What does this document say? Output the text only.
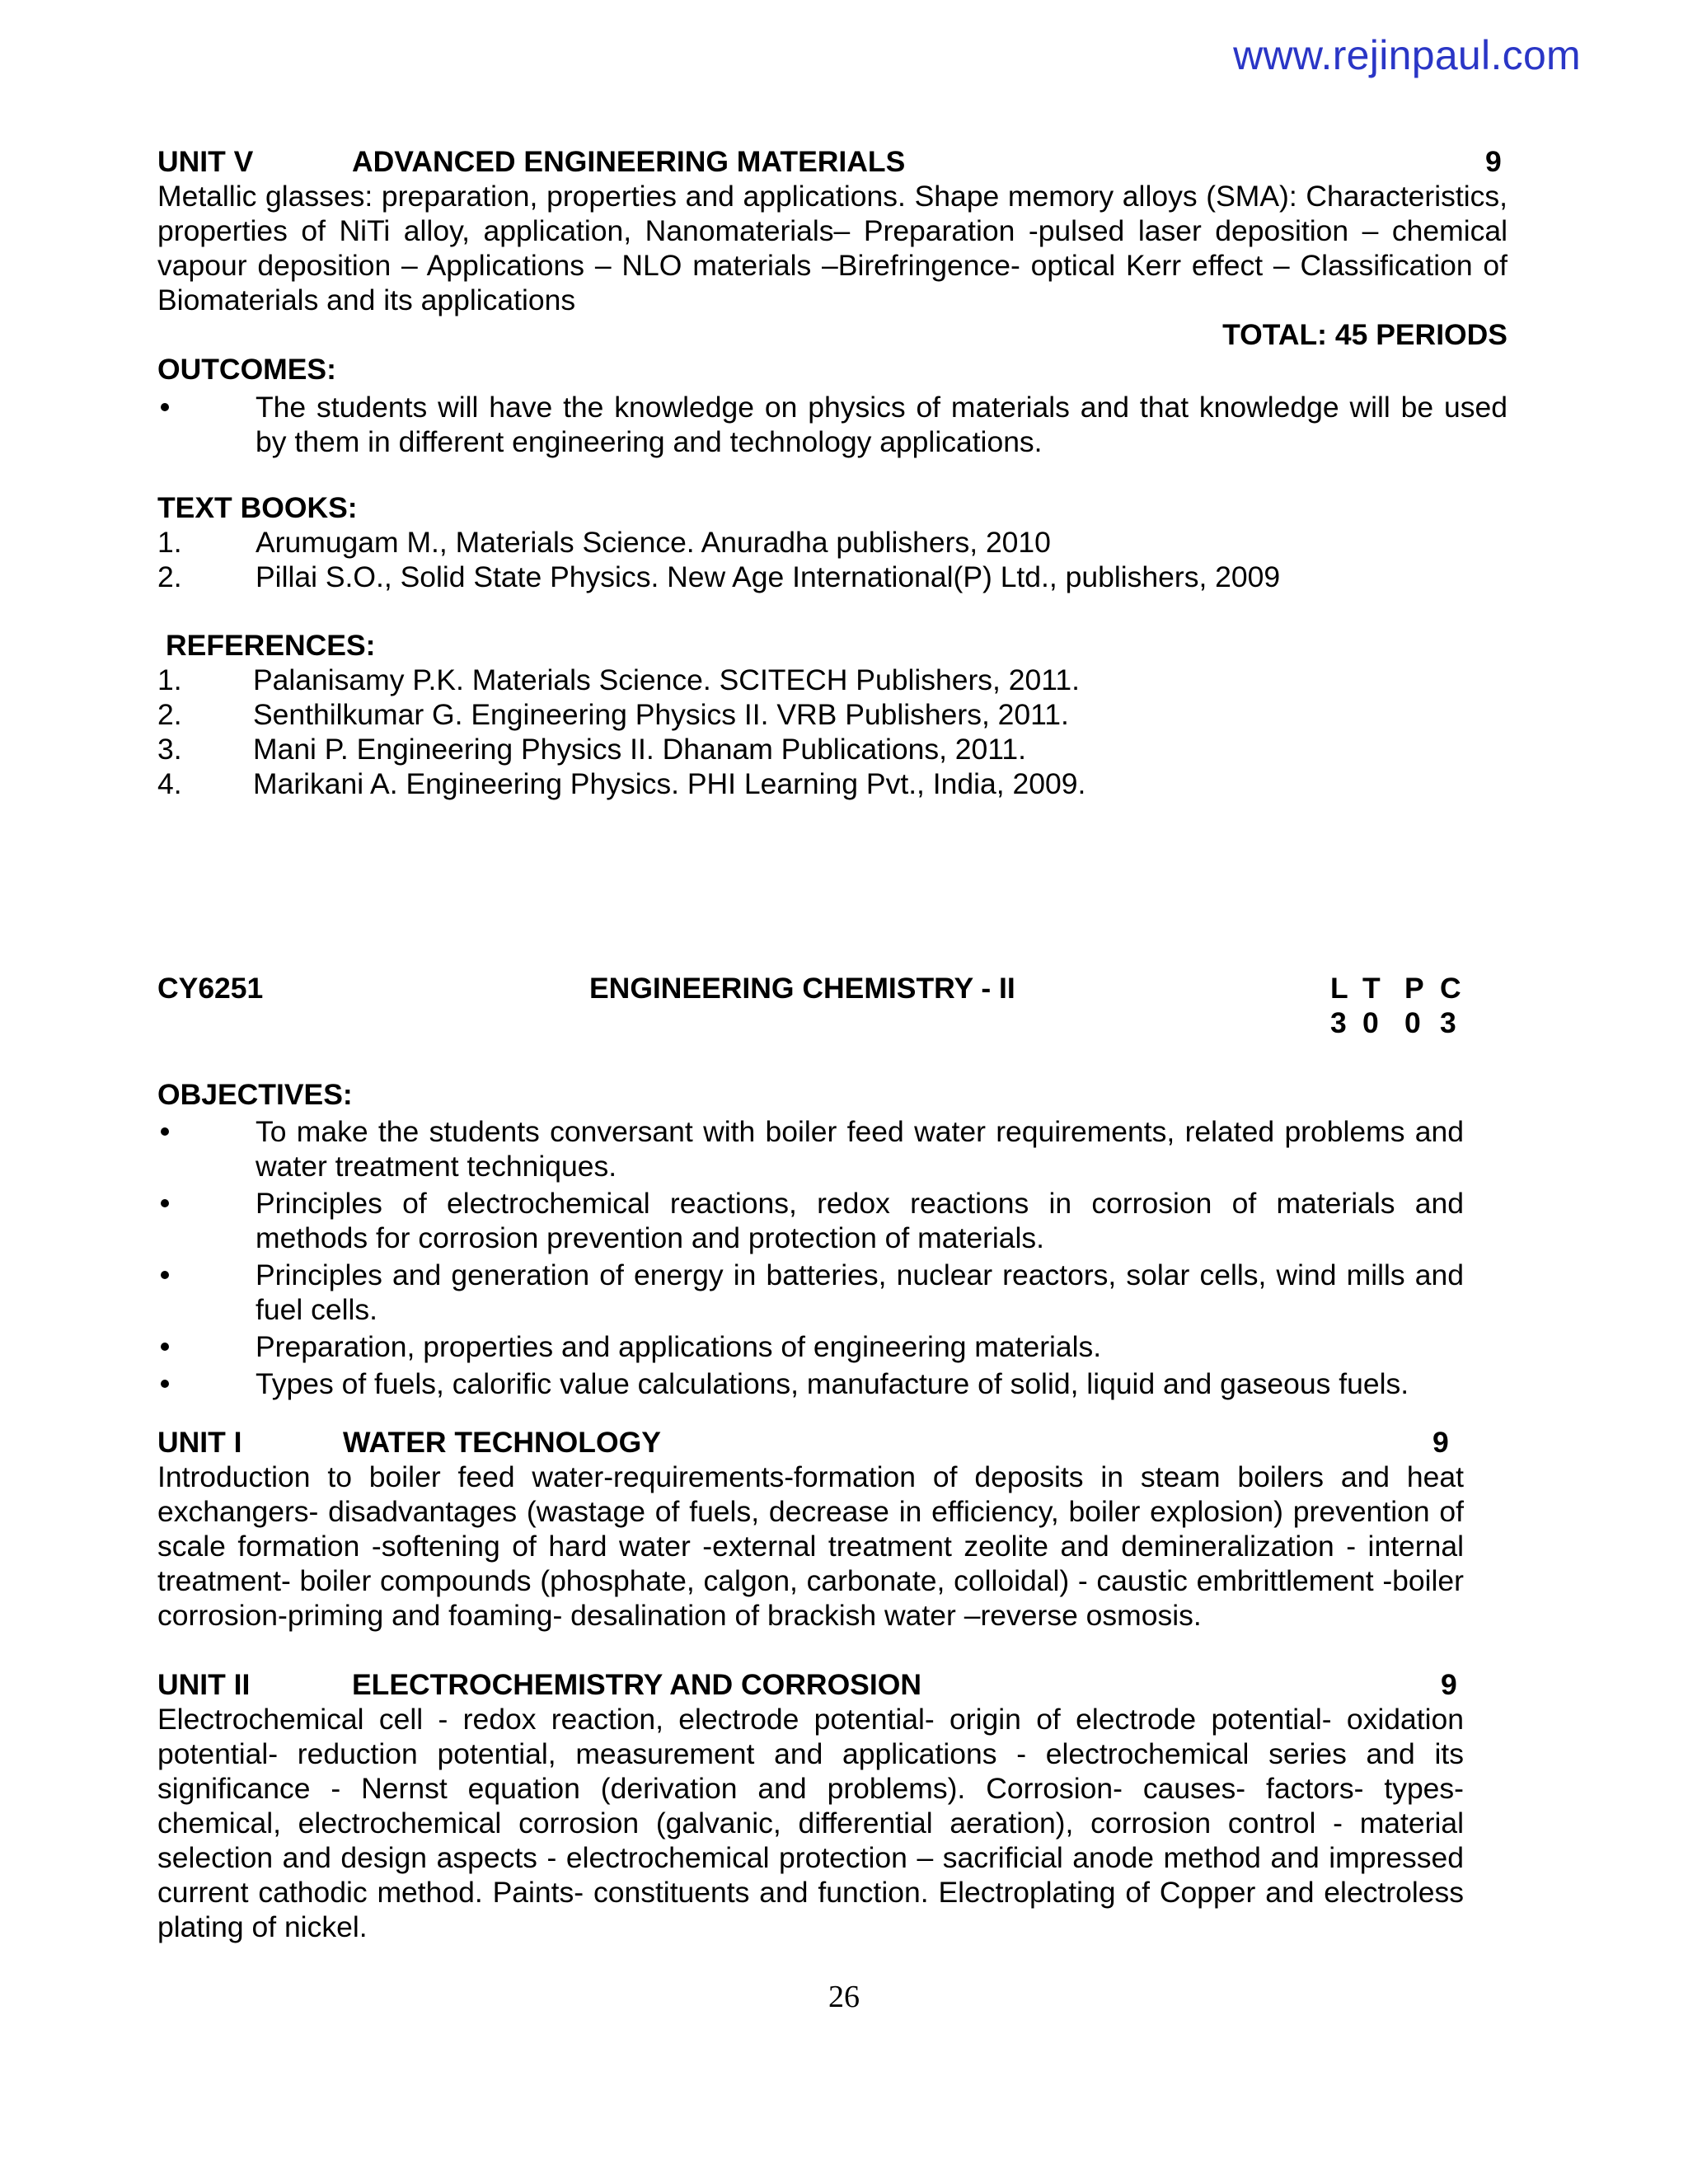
www.rejinpaul.com
UNIT V	ADVANCED ENGINEERING MATERIALS	9
Metallic glasses: preparation, properties and applications. Shape memory alloys (SMA): Characteristics, properties of NiTi alloy, application, Nanomaterials– Preparation -pulsed laser deposition – chemical vapour deposition – Applications – NLO materials –Birefringence- optical Kerr effect – Classification of Biomaterials and its applications
TOTAL: 45 PERIODS
OUTCOMES:
The students will have the knowledge on physics of materials and that knowledge will be used by them in different engineering and technology applications.
TEXT BOOKS:
1.	Arumugam M., Materials Science. Anuradha publishers, 2010
2.	Pillai S.O., Solid State Physics. New Age International(P) Ltd., publishers, 2009
REFERENCES:
1. Palanisamy P.K. Materials Science. SCITECH Publishers, 2011.
2. Senthilkumar G. Engineering Physics II. VRB Publishers, 2011.
3. Mani P. Engineering Physics II. Dhanam Publications, 2011.
4. Marikani A. Engineering Physics. PHI Learning Pvt., India, 2009.
CY6251	ENGINEERING CHEMISTRY - II	L T P C
3 0 0 3
OBJECTIVES:
To make the students conversant with boiler feed water requirements, related problems and water treatment techniques.
Principles of electrochemical reactions, redox reactions in corrosion of materials and methods for corrosion prevention and protection of materials.
Principles and generation of energy in batteries, nuclear reactors, solar cells, wind mills and fuel cells.
Preparation, properties and applications of engineering materials.
Types of fuels, calorific value calculations, manufacture of solid, liquid and gaseous fuels.
UNIT I	WATER TECHNOLOGY	9
Introduction to boiler feed water-requirements-formation of deposits in steam boilers and heat exchangers- disadvantages (wastage of fuels, decrease in efficiency, boiler explosion) prevention of scale formation -softening of hard water -external treatment zeolite and demineralization - internal treatment- boiler compounds (phosphate, calgon, carbonate, colloidal) - caustic embrittlement -boiler corrosion-priming and foaming- desalination of brackish water –reverse osmosis.
UNIT II	ELECTROCHEMISTRY AND CORROSION	9
Electrochemical cell - redox reaction, electrode potential- origin of electrode potential- oxidation potential- reduction potential, measurement and applications - electrochemical series and its significance - Nernst equation (derivation and problems). Corrosion- causes- factors- types- chemical, electrochemical corrosion (galvanic, differential aeration), corrosion control - material selection and design aspects - electrochemical protection – sacrificial anode method and impressed current cathodic method. Paints- constituents and function. Electroplating of Copper and electroless plating of nickel.
26
